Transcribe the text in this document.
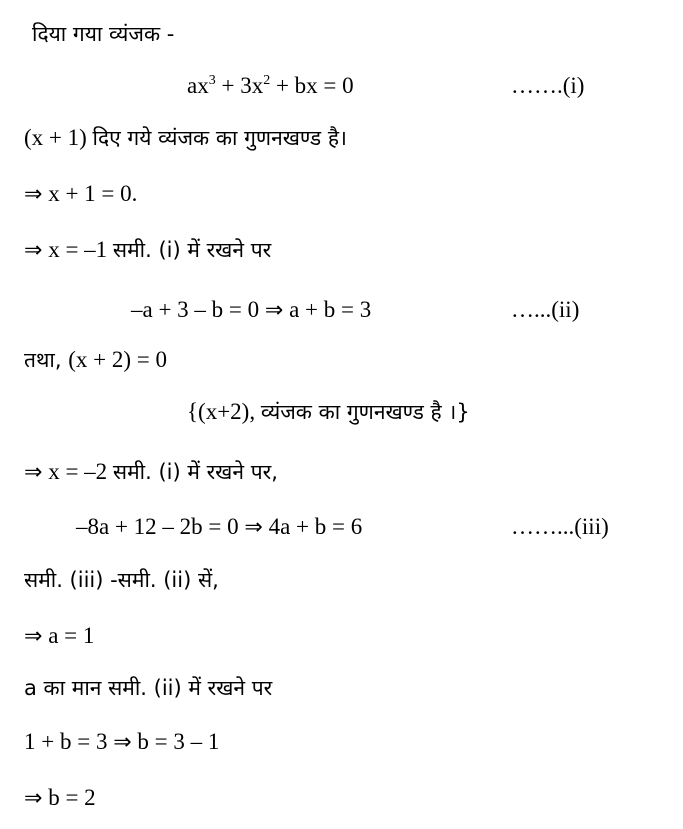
दिया गया व्यंजक -
$ax^3 + 3x^2$ + bx = 0	…….(i)
(x + 1) दिए गये व्यंजक का गुणनखण्ड है।
⇒ x + 1 = 0.
⇒ x = –1 समी. (i) में रखने पर
–a + 3 – b = 0 ⇒ a + b = 3	…...(ii)
तथा, (x + 2) = 0
{(x+2), व्यंजक का गुणनखण्ड है ।}
⇒ x = –2 समी. (i) में रखने पर,
–8a + 12 – 2b = 0 ⇒ 4a + b = 6	……...(iii)
समी. (iii) -समी. (ii) सें,
⇒ a = 1
a का मान समी. (ii) में रखने पर
1 + b = 3 ⇒ b = 3 – 1
⇒ b = 2
